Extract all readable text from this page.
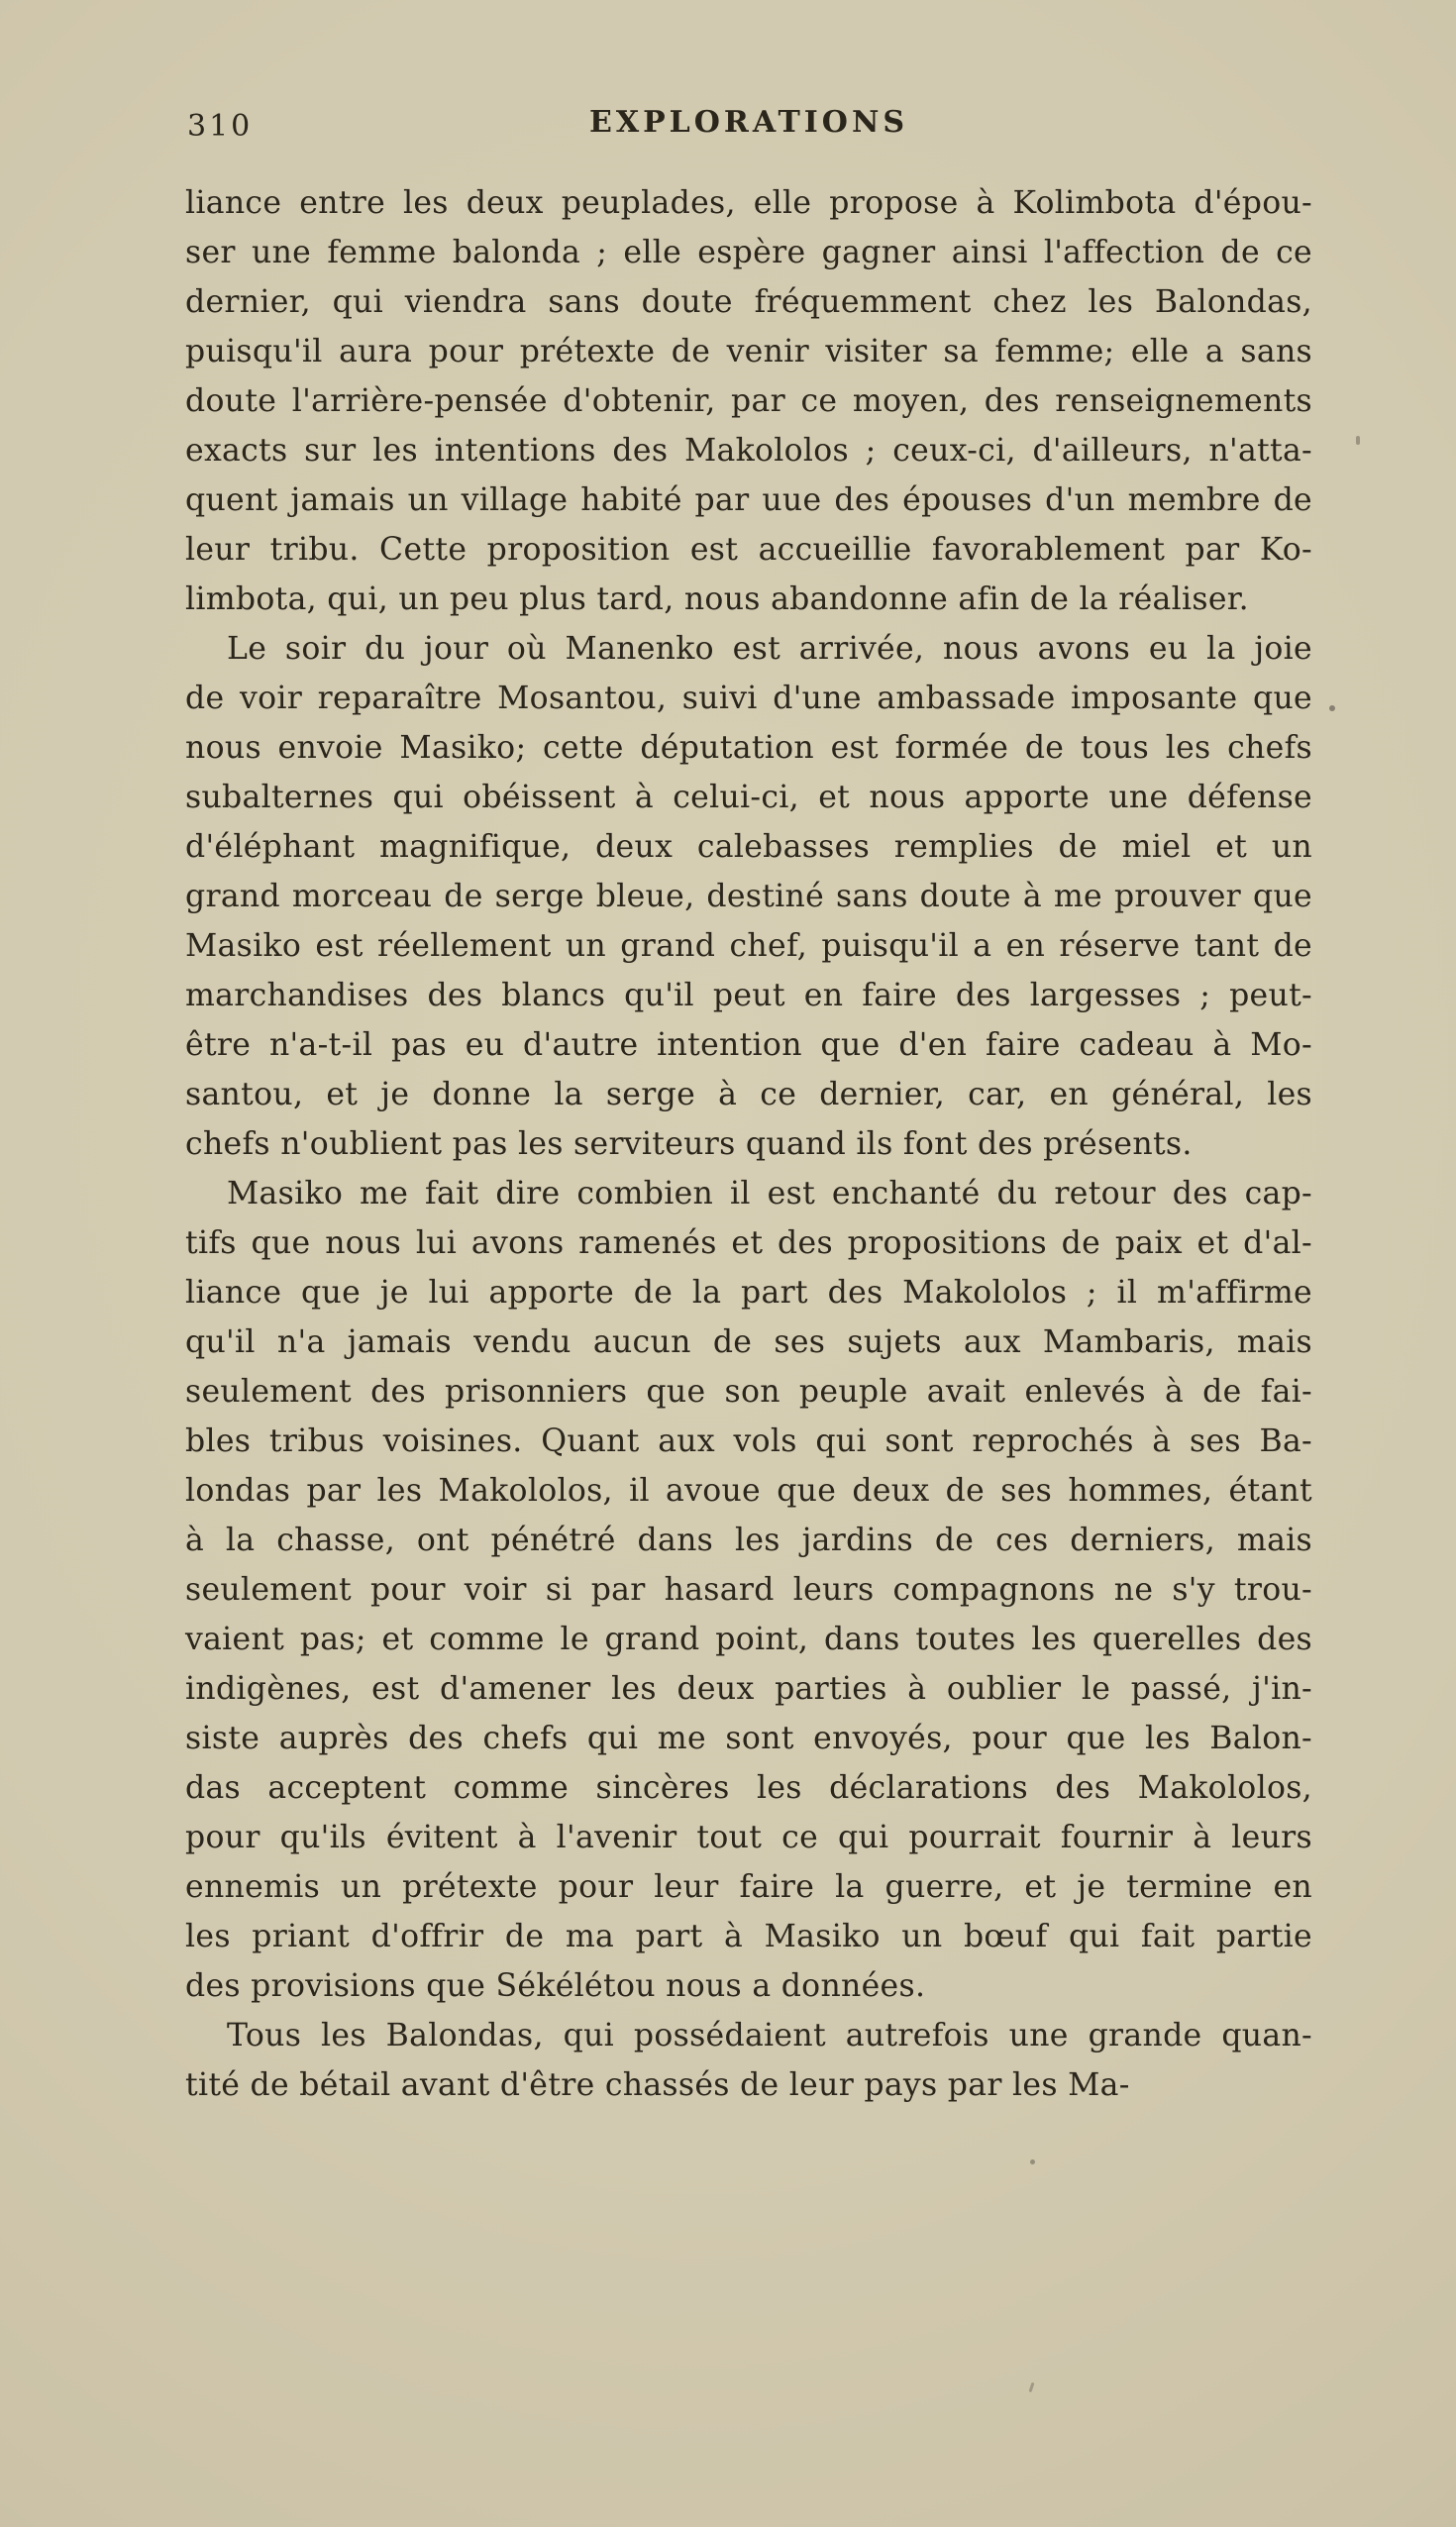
310	EXPLORATIONS
liance entre les deux peuplades, elle propose à Kolimbota d'épou-
ser une femme balonda ; elle espère gagner ainsi l'affection de ce
dernier, qui viendra sans doute fréquemment chez les Balondas,
puisqu'il aura pour prétexte de venir visiter sa femme; elle a sans
doute l'arrière-pensée d'obtenir, par ce moyen, des renseignements
exacts sur les intentions des Makololos ; ceux-ci, d'ailleurs, n'atta-
quent jamais un village habité par uue des épouses d'un membre de
leur tribu. Cette proposition est accueillie favorablement par Ko-
limbota, qui, un peu plus tard, nous abandonne afin de la réaliser.
Le soir du jour où Manenko est arrivée, nous avons eu la joie
de voir reparaître Mosantou, suivi d'une ambassade imposante que
nous envoie Masiko; cette députation est formée de tous les chefs
subalternes qui obéissent à celui-ci, et nous apporte une défense
d'éléphant magnifique, deux calebasses remplies de miel et un
grand morceau de serge bleue, destiné sans doute à me prouver que
Masiko est réellement un grand chef, puisqu'il a en réserve tant de
marchandises des blancs qu'il peut en faire des largesses ; peut-
être n'a-t-il pas eu d'autre intention que d'en faire cadeau à Mo-
santou, et je donne la serge à ce dernier, car, en général, les
chefs n'oublient pas les serviteurs quand ils font des présents.
Masiko me fait dire combien il est enchanté du retour des cap-
tifs que nous lui avons ramenés et des propositions de paix et d'al-
liance que je lui apporte de la part des Makololos ; il m'affirme
qu'il n'a jamais vendu aucun de ses sujets aux Mambaris, mais
seulement des prisonniers que son peuple avait enlevés à de fai-
bles tribus voisines. Quant aux vols qui sont reprochés à ses Ba-
londas par les Makololos, il avoue que deux de ses hommes, étant
à la chasse, ont pénétré dans les jardins de ces derniers, mais
seulement pour voir si par hasard leurs compagnons ne s'y trou-
vaient pas; et comme le grand point, dans toutes les querelles des
indigènes, est d'amener les deux parties à oublier le passé, j'in-
siste auprès des chefs qui me sont envoyés, pour que les Balon-
das acceptent comme sincères les déclarations des Makololos,
pour qu'ils évitent à l'avenir tout ce qui pourrait fournir à leurs
ennemis un prétexte pour leur faire la guerre, et je termine en
les priant d'offrir de ma part à Masiko un bœuf qui fait partie
des provisions que Sékélétou nous a données.
Tous les Balondas, qui possédaient autrefois une grande quan-
tité de bétail avant d'être chassés de leur pays par les Ma-
